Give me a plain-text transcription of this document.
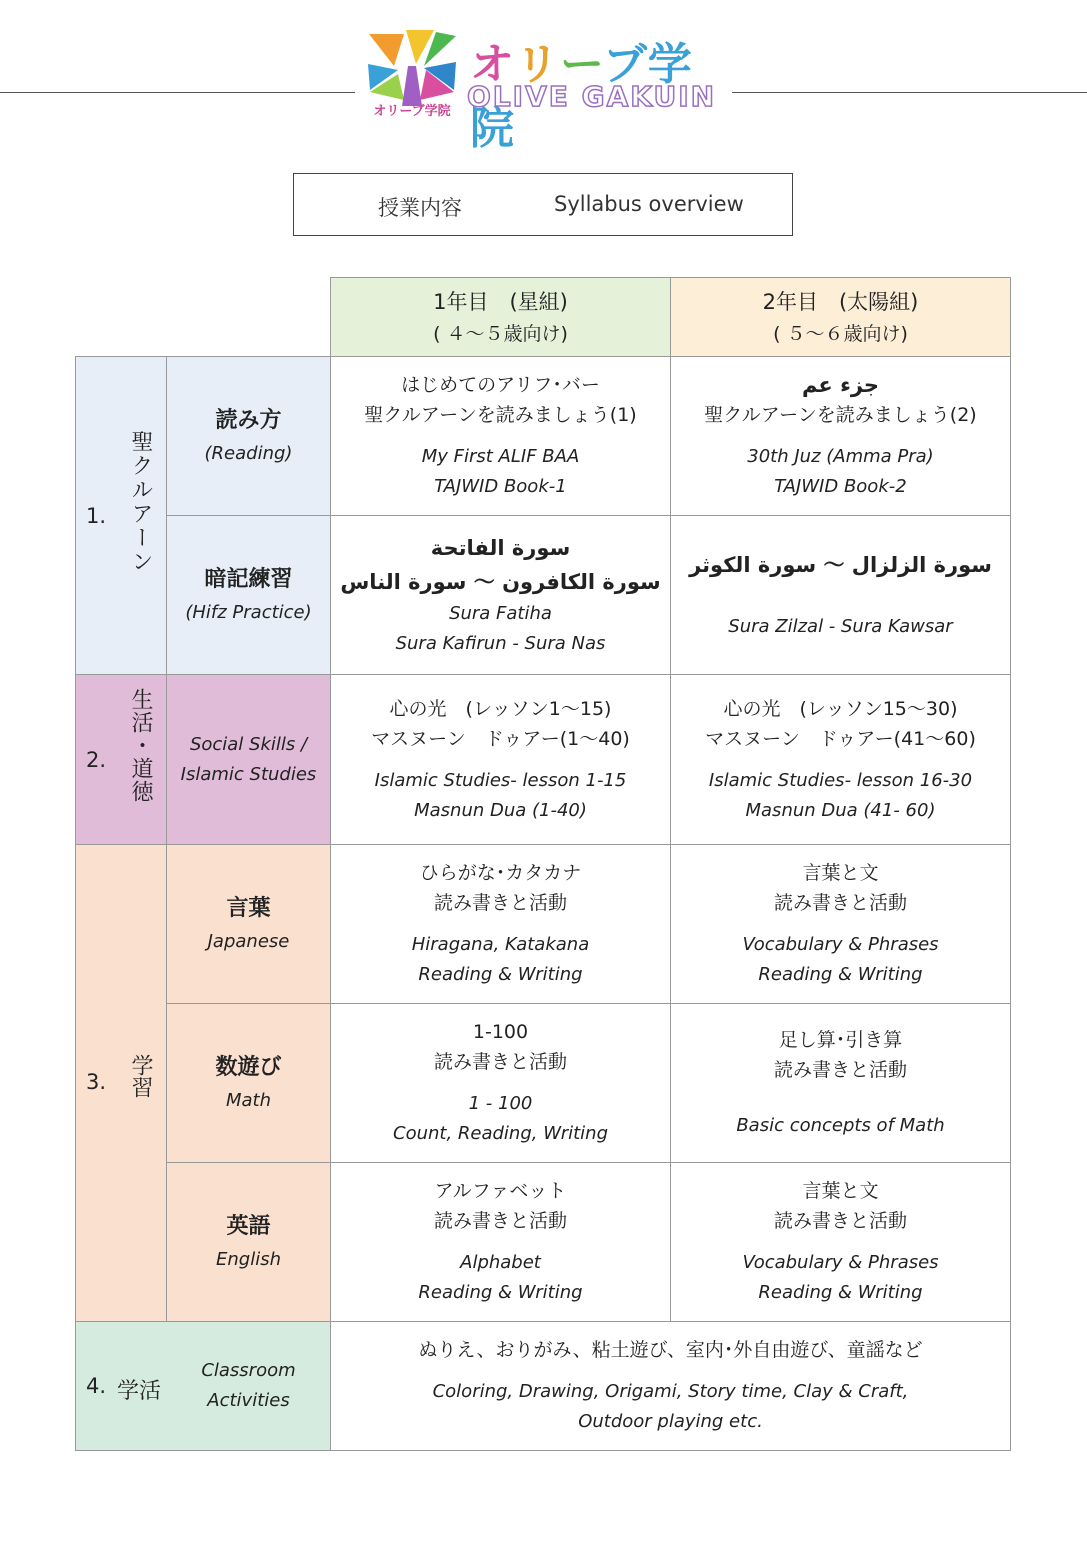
オリーブ学院
オリーブ学院
OLIVE GAKUIN
授業内容	Syllabus overview
1年目　(星組)
( ４〜５歳向け)
2年目　(太陽組)
( ５〜６歳向け)
1. 聖クルアーン
読み方
(Reading)
はじめてのアリフ･バー
聖クルアーンを読みましょう(1)
My First ALIF BAA
TAJWID Book-1
جزء عم
聖クルアーンを読みましょう(2)
30th Juz (Amma Pra)
TAJWID Book-2
暗記練習
(Hifz Practice)
سورة الفاتحة
سورة الكافرون ～ سورة الناس
Sura Fatiha
Sura Kafirun - Sura Nas
سورة الزلزال ～ سورة الكوثر
Sura Zilzal - Sura Kawsar
2. 生活・道徳 Social Skills /
Islamic Studies
心の光　(レッソン1〜15)
マスヌーン　ドゥアー(1〜40)
Islamic Studies- lesson 1-15
Masnun Dua (1-40)
心の光　(レッソン15〜30)
マスヌーン　ドゥアー(41〜60)
Islamic Studies- lesson 16-30
Masnun Dua (41- 60)
3. 学習
言葉
Japanese
ひらがな･カタカナ
読み書きと活動
Hiragana, Katakana
Reading & Writing
言葉と文
読み書きと活動
Vocabulary & Phrases
Reading & Writing
数遊び
Math
1-100
読み書きと活動
1 - 100
Count, Reading, Writing
足し算･引き算
読み書きと活動
Basic concepts of Math
英語
English
アルファベット
読み書きと活動
Alphabet
Reading & Writing
言葉と文
読み書きと活動
Vocabulary & Phrases
Reading & Writing
4. 学活
Classroom
Activities
ぬりえ、おりがみ、粘土遊び、室内･外自由遊び、童謡など
Coloring, Drawing, Origami, Story time, Clay & Craft,
Outdoor playing etc.
